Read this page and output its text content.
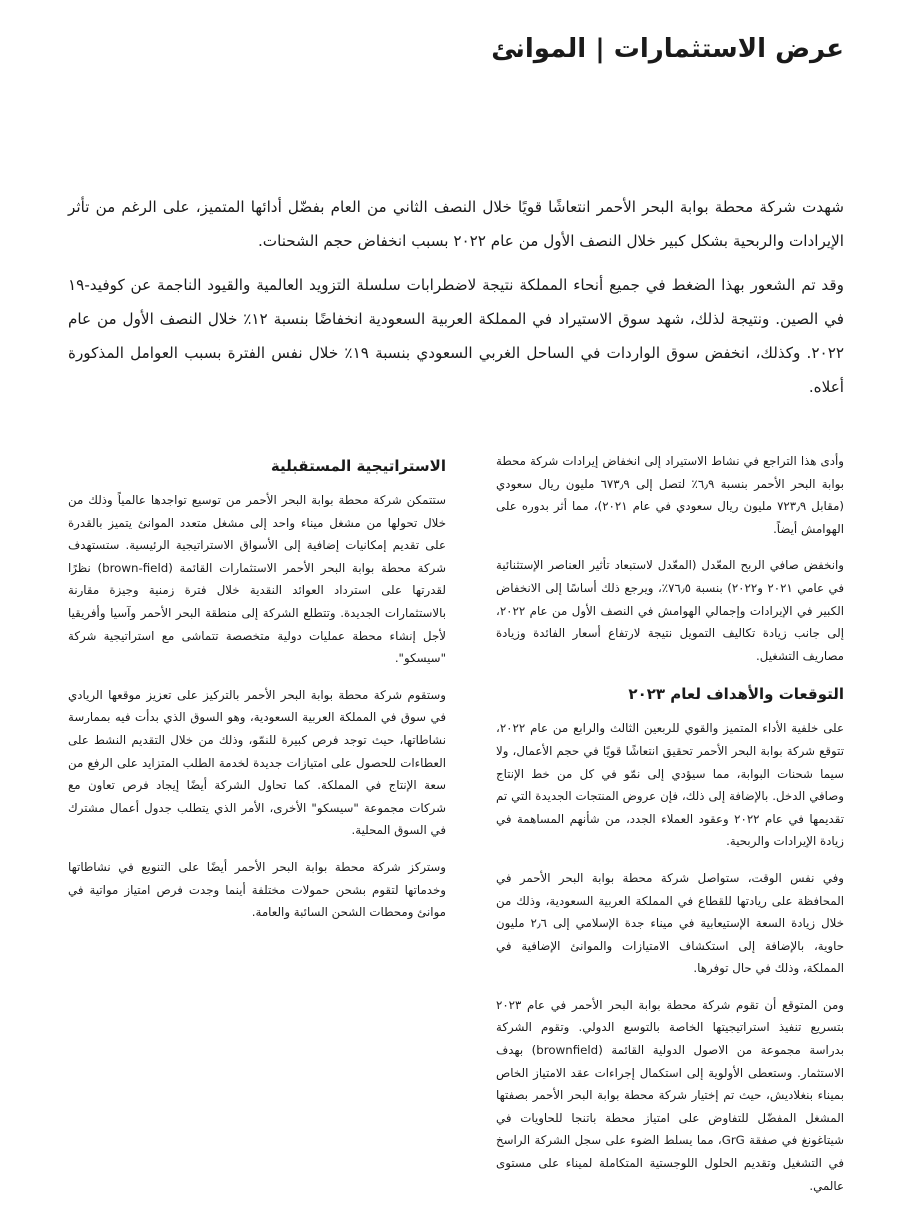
عرض الاستثمارات | الموانئ

شهدت شركة محطة بوابة البحر الأحمر انتعاشًا قويًا خلال النصف الثاني من العام بفضّل أدائها المتميز، على الرغم من تأثر الإيرادات والربحية بشكل كبير خلال النصف الأول من عام ٢٠٢٢ بسبب انخفاض حجم الشحنات.

وقد تم الشعور بهذا الضغط في جميع أنحاء المملكة نتيجة لاضطرابات سلسلة التزويد العالمية والقيود الناجمة عن كوفيد-١٩ في الصين. ونتيجة لذلك، شهد سوق الاستيراد في المملكة العربية السعودية انخفاضًا بنسبة ١٢٪ خلال النصف الأول من عام ٢٠٢٢. وكذلك، انخفض سوق الواردات في الساحل الغربي السعودي بنسبة ١٩٪ خلال نفس الفترة بسبب العوامل المذكورة أعلاه.

وأدى هذا التراجع في نشاط الاستيراد إلى انخفاض إيرادات شركة محطة بوابة البحر الأحمر بنسبة ٦٫٩٪ لتصل إلى ٦٧٣٫٩ مليون ريال سعودي (مقابل ٧٢٣٫٩ مليون ريال سعودي في عام ٢٠٢١)، مما أثر بدوره على الهوامش أيضاً.

وانخفض صافي الربح المعّدل (المعّدل لاستبعاد تأثير العناصر الإستثنائية في عامي ٢٠٢١ و٢٠٢٢) بنسبة ٧٦٫٥٪، ويرجع ذلك أساسًا إلى الانخفاض الكبير في الإيرادات وإجمالي الهوامش في النصف الأول من عام ٢٠٢٢، إلى جانب زيادة تكاليف التمويل نتيجة لارتفاع أسعار الفائدة وزيادة مصاريف التشغيل.

التوقعات والأهداف لعام ٢٠٢٣

على خلفية الأداء المتميز والقوي للربعين الثالث والرابع من عام ٢٠٢٢، تتوقع شركة بوابة البحر الأحمر تحقيق انتعاشًا قويًا في حجم الأعمال، ولا سيما شحنات البوابة، مما سيؤدي إلى نمّو في كل من خط الإنتاج وصافي الدخل. بالإضافة إلى ذلك، فإن عروض المنتجات الجديدة التي تم تقديمها في عام ٢٠٢٢ وعقود العملاء الجدد، من شأنهم المساهمة في زيادة الإيرادات والربحية.

وفي نفس الوقت، ستواصل شركة محطة بوابة البحر الأحمر في المحافظة على ريادتها للقطاع في المملكة العربية السعودية، وذلك من خلال زيادة السعة الإستيعابية في ميناء جدة الإسلامي إلى ٢٫٦ مليون حاوية، بالإضافة إلى استكشاف الامتيازات والموانئ الإضافية في المملكة، وذلك في حال توفرها.

ومن المتوقع أن تقوم شركة محطة بوابة البحر الأحمر في عام ٢٠٢٣ بتسريع تنفيذ استراتيجيتها الخاصة بالتوسع الدولي. وتقوم الشركة بدراسة مجموعة من الاصول الدولية القائمة (brownfield) بهدف الاستثمار. وستعطى الأولوية إلى استكمال إجراءات عقد الامتياز الخاص بميناء بنغلاديش، حيث تم إختيار شركة محطة بوابة البحر الأحمر بصفتها المشغل المفضّل للتفاوض على امتياز محطة باتنجا للحاويات في شيتاغونغ في صفقة GrG، مما يسلط الضوء على سجل الشركة الراسخ في التشغيل وتقديم الحلول اللوجستية المتكاملة لميناء على مستوى عالمي.

الاستراتيجية المستقبلية

ستتمكن شركة محطة بوابة البحر الأحمر من توسيع تواجدها عالمياً وذلك من خلال تحولها من مشغل ميناء واحد إلى مشغل متعدد الموانئ يتميز بالقدرة على تقديم إمكانيات إضافية إلى الأسواق الاستراتيجية الرئيسية. ستستهدف شركة محطة بوابة البحر الأحمر الاستثمارات القائمة (brown-field) نظرًا لقدرتها على استرداد العوائد النقدية خلال فترة زمنية وجيزة مقارنة بالاستثمارات الجديدة. وتتطلع الشركة إلى منطقة البحر الأحمر وآسيا وأفريقيا لأجل إنشاء محطة عمليات دولية متخصصة تتماشى مع استراتيجية شركة "سيسكو".

وستقوم شركة محطة بوابة البحر الأحمر بالتركيز على تعزيز موقعها الريادي في سوق في المملكة العربية السعودية، وهو السوق الذي بدأت فيه بممارسة نشاطاتها، حيث توجد فرص كبيرة للنمّو، وذلك من خلال التقديم النشط على العطاءات للحصول على امتيازات جديدة لخدمة الطلب المتزايد على الرفع من سعة الإنتاج في المملكة. كما تحاول الشركة أيضًا إيجاد فرص تعاون مع شركات مجموعة "سيسكو" الأخرى، الأمر الذي يتطلب جدول أعمال مشترك في السوق المحلية.

وستركز شركة محطة بوابة البحر الأحمر أيضًا على التنويع في نشاطاتها وخدماتها لتقوم بشحن حمولات مختلفة أينما وجدت فرص امتياز مواتية في موانئ ومحطات الشحن السائبة والعامة.
